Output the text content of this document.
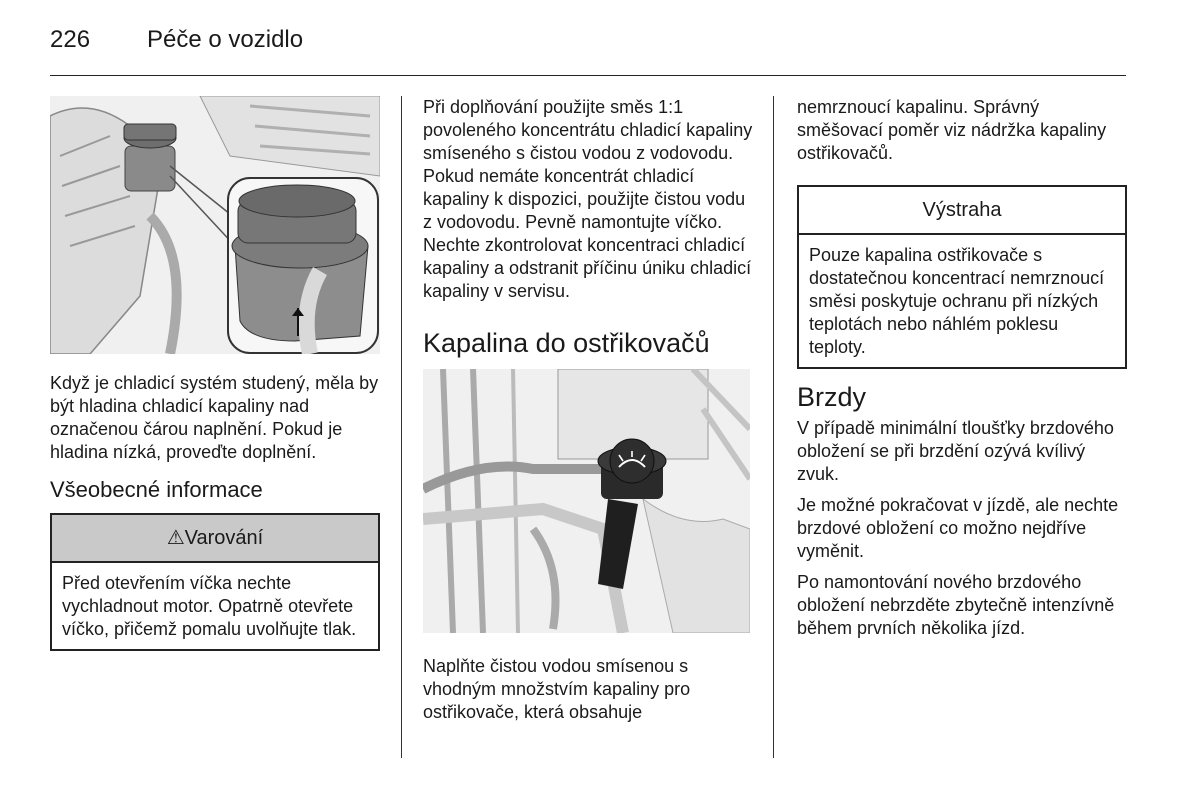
226 Péče o vozidlo

Když je chladicí systém studený, měla by být hladina chladicí kapaliny nad označenou čárou naplnění. Pokud je hladina nízká, proveďte doplnění.

Všeobecné informace
⚠Varování
Před otevřením víčka nechte vychladnout motor. Opatrně otevřete víčko, přičemž pomalu uvolňujte tlak.

Při doplňování použijte směs 1:1 povoleného koncentrátu chladicí kapaliny smíseného s čistou vodou z vodovodu. Pokud nemáte koncentrát chladicí kapaliny k dispozici, použijte čistou vodu z vodovodu. Pevně namontujte víčko. Nechte zkontrolovat koncentraci chladicí kapaliny a odstranit příčinu úniku chladicí kapaliny v servisu.

Kapalina do ostřikovačů

Naplňte čistou vodou smísenou s vhodným množstvím kapaliny pro ostřikovače, která obsahuje

nemrznoucí kapalinu. Správný směšovací poměr viz nádržka kapaliny ostřikovačů.

Výstraha
Pouze kapalina ostřikovače s dostatečnou koncentrací nemrznoucí směsi poskytuje ochranu při nízkých teplotách nebo náhlém poklesu teploty.
Brzdy

V případě minimální tloušťky brzdového obložení se při brzdění ozývá kvílivý zvuk.

Je možné pokračovat v jízdě, ale nechte brzdové obložení co možno nejdříve vyměnit.

Po namontování nového brzdového obložení nebrzděte zbytečně intenzívně během prvních několika jízd.
